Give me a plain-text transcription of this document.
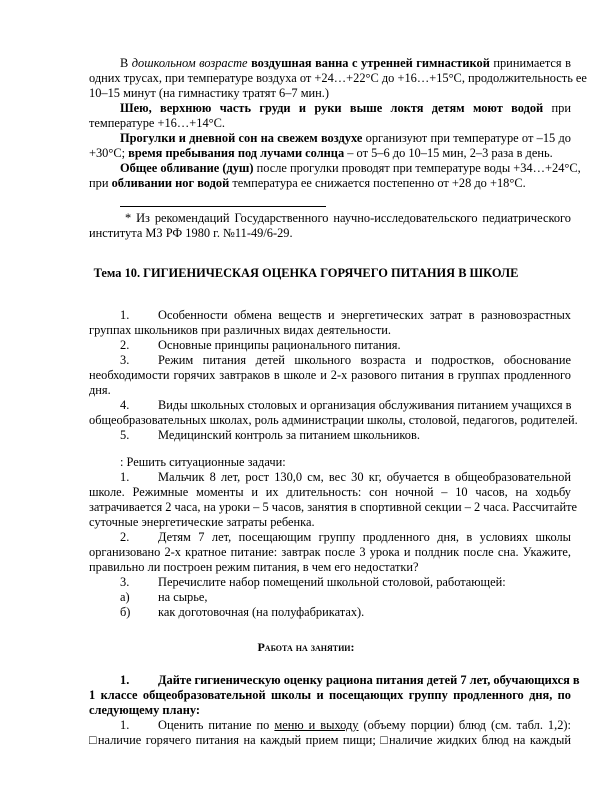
В дошкольном возрасте воздушная ванна с утренней гимнастикой принимается в
одних трусах, при температуре воздуха от +24…+22°С до +16…+15°С, продолжительность ее
10–15 минут (на гимнастику тратят 6–7 мин.)
Шею, верхнюю часть груди и руки выше локтя детям моют водой при
температуре +16…+14°С.
Прогулки и дневной сон на свежем воздухе организуют при температуре от –15 до
+30°С; время пребывания под лучами солнца – от 5–6 до 10–15 мин, 2–3 раза в день.
Общее обливание (душ) после прогулки проводят при температуре воды +34…+24°С,
при обливании ног водой температура ее снижается постепенно от +28 до +18°С.
* Из рекомендаций Государственного научно-исследовательского педиатрического
института МЗ РФ 1980 г. №11-49/6-29.
Тема 10. ГИГИЕНИЧЕСКАЯ ОЦЕНКА ГОРЯЧЕГО ПИТАНИЯ В ШКОЛЕ
1. Особенности обмена веществ и энергетических затрат в разновозрастных
группах школьников при различных видах деятельности.
2. Основные принципы рационального питания.
3. Режим питания детей школьного возраста и подростков, обоснование
необходимости горячих завтраков в школе и 2-х разового питания в группах продленного
дня.
4. Виды школьных столовых и организация обслуживания питанием учащихся в
общеобразовательных школах, роль администрации школы, столовой, педагогов, родителей.
5. Медицинский контроль за питанием школьников.
: Решить ситуационные задачи:
1. Мальчик 8 лет, рост 130,0 см, вес 30 кг, обучается в общеобразовательной
школе. Режимные моменты и их длительность: сон ночной – 10 часов, на ходьбу
затрачивается 2 часа, на уроки – 5 часов, занятия в спортивной секции – 2 часа. Рассчитайте
суточные энергетические затраты ребенка.
2. Детям 7 лет, посещающим группу продленного дня, в условиях школы
организовано 2-х кратное питание: завтрак после 3 урока и полдник после сна. Укажите,
правильно ли построен режим питания, в чем его недостатки?
3. Перечислите набор помещений школьной столовой, работающей:
а) на сырье,
б) как доготовочная (на полуфабрикатах).
Работа на занятии:
1. Дайте гигиеническую оценку рациона питания детей 7 лет, обучающихся в
1 классе общеобразовательной школы и посещающих группу продленного дня, по
следующему плану:
1. Оценить питание по меню и выходу (объему порции) блюд (см. табл. 1,2):
□наличие горячего питания на каждый прием пищи; □наличие жидких блюд на каждый
